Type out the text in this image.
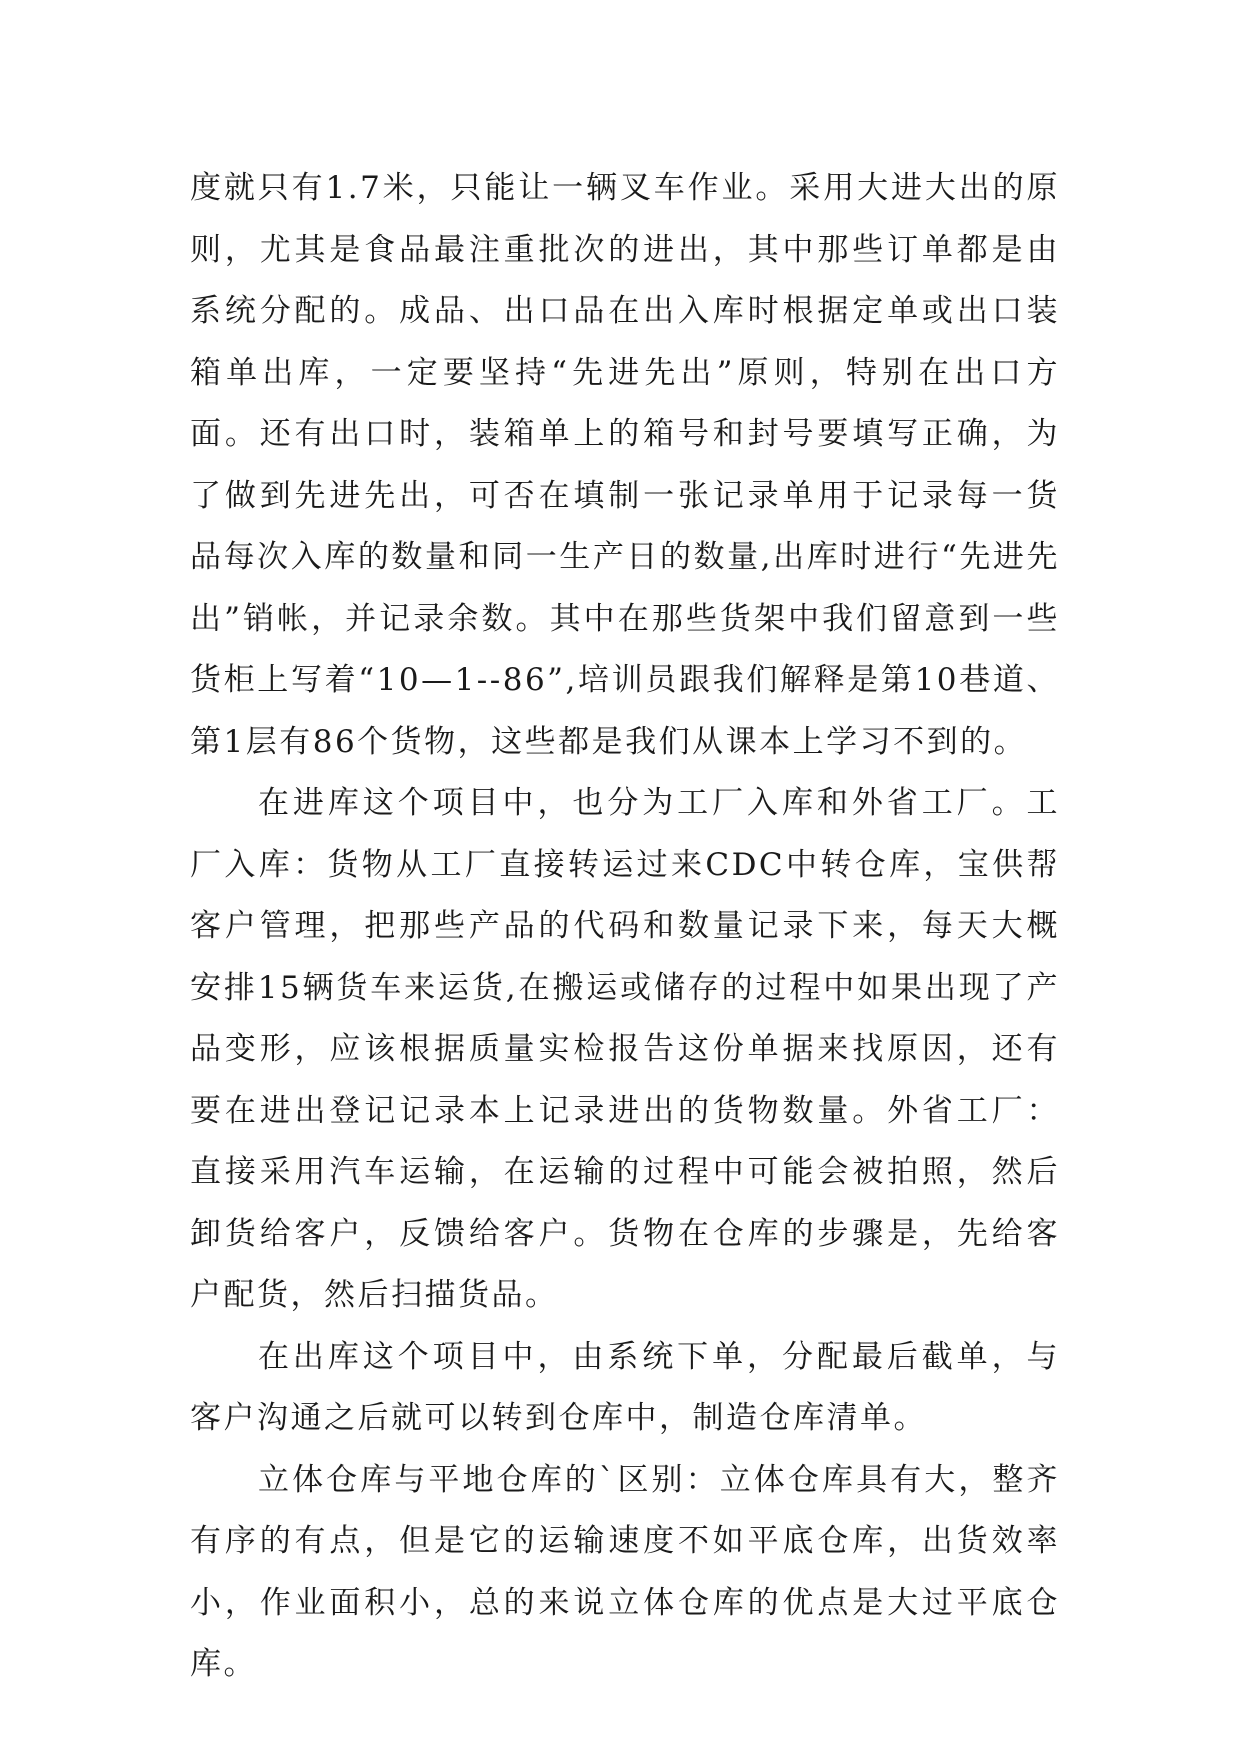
度就只有1.7米，只能让一辆叉车作业。采用大进大出的原则，尤其是食品最注重批次的进出，其中那些订单都是由系统分配的。成品、出口品在出入库时根据定单或出口装箱单出库，一定要坚持“先进先出”原则，特别在出口方面。还有出口时，装箱单上的箱号和封号要填写正确，为了做到先进先出，可否在填制一张记录单用于记录每一货品每次入库的数量和同一生产日的数量,出库时进行“先进先出”销帐，并记录余数。其中在那些货架中我们留意到一些货柜上写着“10—1--86”,培训员跟我们解释是第10巷道、第1层有86个货物，这些都是我们从课本上学习不到的。

在进库这个项目中，也分为工厂入库和外省工厂。工厂入库：货物从工厂直接转运过来CDC中转仓库，宝供帮客户管理，把那些产品的代码和数量记录下来，每天大概安排15辆货车来运货,在搬运或储存的过程中如果出现了产品变形，应该根据质量实检报告这份单据来找原因，还有要在进出登记记录本上记录进出的货物数量。外省工厂：直接采用汽车运输，在运输的过程中可能会被拍照，然后卸货给客户，反馈给客户。货物在仓库的步骤是，先给客户配货，然后扫描货品。

在出库这个项目中，由系统下单，分配最后截单，与客户沟通之后就可以转到仓库中，制造仓库清单。

立体仓库与平地仓库的`区别：立体仓库具有大，整齐有序的有点，但是它的运输速度不如平底仓库，出货效率小，作业面积小，总的来说立体仓库的优点是大过平底仓库。
